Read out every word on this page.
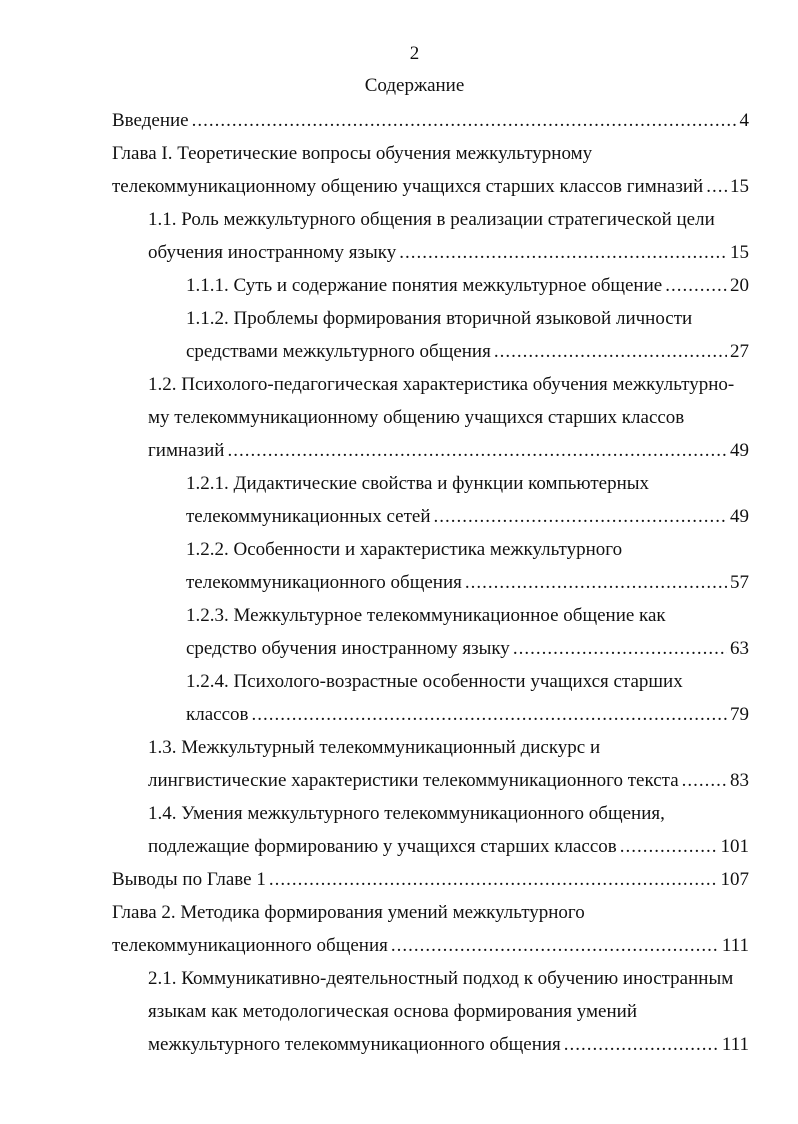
2
Содержание
Введение .....	4
Глава I. Теоретические вопросы обучения межкультурному
телекоммуникационному общению учащихся старших классов гимназий ..... 15
1.1. Роль межкультурного общения в реализации стратегической цели
обучения иностранному языку .....	15
1.1.1. Суть и содержание понятия межкультурное общение .....	20
1.1.2. Проблемы формирования вторичной языковой личности
средствами межкультурного общения .....	27
1.2. Психолого-педагогическая характеристика обучения межкультурно-
му телекоммуникационному общению учащихся старших классов
гимназий .....	49
1.2.1. Дидактические свойства и функции компьютерных
телекоммуникационных сетей .....	49
1.2.2. Особенности и характеристика межкультурного
телекоммуникационного общения .....	57
1.2.3. Межкультурное телекоммуникационное общение как
средство обучения иностранному языку .....	63
1.2.4. Психолого-возрастные особенности учащихся старших
классов .....	79
1.3. Межкультурный телекоммуникационный дискурс и
лингвистические характеристики телекоммуникационного текста .....	83
1.4. Умения межкультурного телекоммуникационного общения,
подлежащие формированию у учащихся старших классов .....	101
Выводы по Главе 1 .....	107
Глава 2. Методика формирования умений межкультурного
телекоммуникационного общения .....	111
2.1. Коммуникативно-деятельностный подход к обучению иностранным
языкам как методологическая основа формирования умений
межкультурного телекоммуникационного общения .....	111
